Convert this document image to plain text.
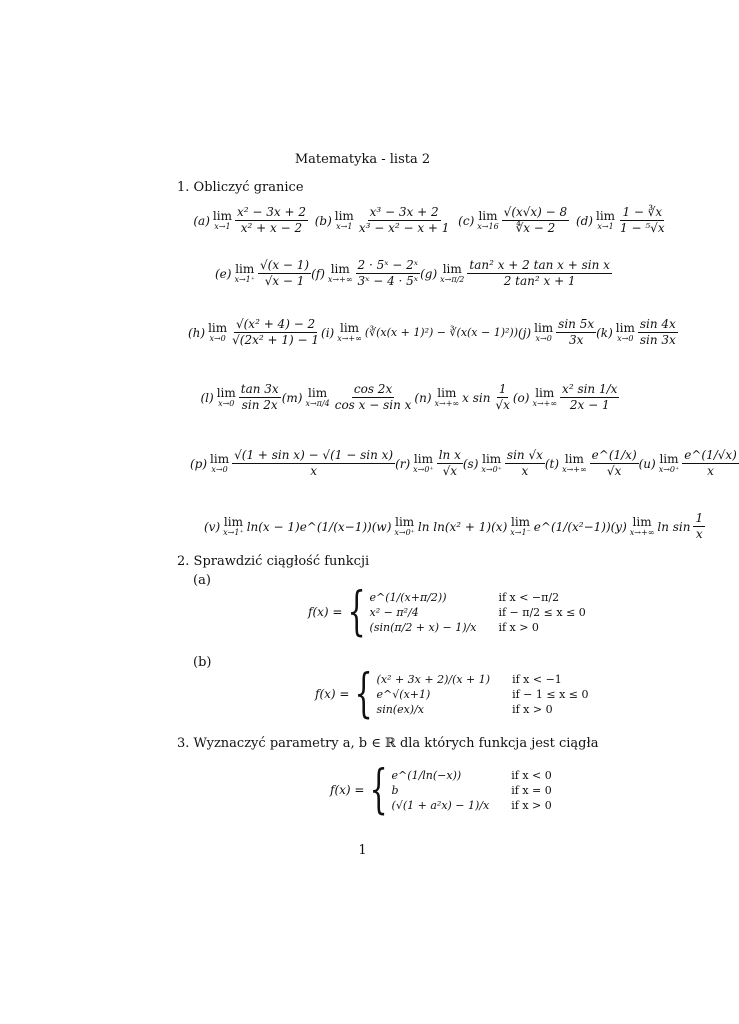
Matematyka - lista 2
1. Obliczyć granice
(a) lim
$x\to 1 \frac{\text{x² − 3x + 2}}{\text{x² + x − 2}} (b)$ lim
$x\to 1 \frac{\text{x³ − 3x + 2}}{\text{x³ − x² − x + 1}} (c)$ lim
$x\to 16 \frac{√(x√x) - 8}{∜x - 2} (d)$ lim
$x\to 1 \frac{1 - ∛x}{\text{1 − ⁵√x}}$
(e) lim
$x\to 1^+ \frac{√(x - 1)}{√x - 1} (f)$ lim
$x\to+\infty \frac{\text{2 · 5ˣ − 2ˣ}}{\text{3ˣ − 4 · 5ˣ}} (g)$ lim
$x\to\pi/2 \frac{\text{tan² x + 2 tan x + sin x}}{\text{2 tan² x + 1}}$
(h) lim
$x\to 0 \frac{\text{√(x² + 4) − 2}}{\text{√(2x² + 1) − 1}} (i)$ lim
x→+∞ (∛(x(x + 1)²) − ∛(x(x − 1)²)) (j) lim
$x\to 0 \frac{\sin 5x}{3x} (k)$ lim
$x\to 0 \frac{\sin 4x}{\sin 3x}$
(l) lim
$x\to 0 \frac{\tan 3x}{\sin 2x} (m)$ lim
$x\to\pi/4 \frac{\cos 2x}{\text{cos x − sin x}} (n)$ lim
x→+∞ x $\sin \frac{1}{√x} (o)$ lim
$x\to+\infty \frac{\text{x² sin 1/x}}{2x - 1}$
(p) lim
$x\to 0 \frac{\text{√(1 + sin x) − √(1 − sin x)}}{x} (r)$ lim
$x\to 0^+ \frac{\text{ln x}}{√x} (s)$ lim
$x\to 0^+ \frac{\sin √x}{x} (t)$ lim
$x\to+\infty \frac{e\^{}(1/x)}{√x} (u)$ lim
$x\to 0^+ \frac{e\^{}(1/√x)}{x}$
(v) lim
x→1⁺ ln(x − 1)e^(1/(x−1)) (w) lim
x→0⁺ ln ln(x² + 1) (x) lim
x→1⁻ e^(1/(x²−1)) (y) lim
x→+∞ $\ln \sin \frac{1}{x}$
2. Sprawdzić ciągłość funkcji
(a)
f(x) = { e^(1/(x+π/2))	if x < −π/2
x² − π²/4	if − π/2 ≤ x ≤ 0
(sin(π/2 + x) − 1)/x if x > 0
(b)
f(x) = { (x² + 3x + 2)/(x + 1) if x < −1
e^√(x+1)	if − 1 ≤ x ≤ 0
sin(ex)/x	if x > 0
3. Wyznaczyć parametry a, b ∈ ℝ dla których funkcja jest ciągła
f(x) = { e^(1/ln(−x))	if x < 0
b	if x = 0
(√(1 + a²x) − 1)/x if x > 0
1
